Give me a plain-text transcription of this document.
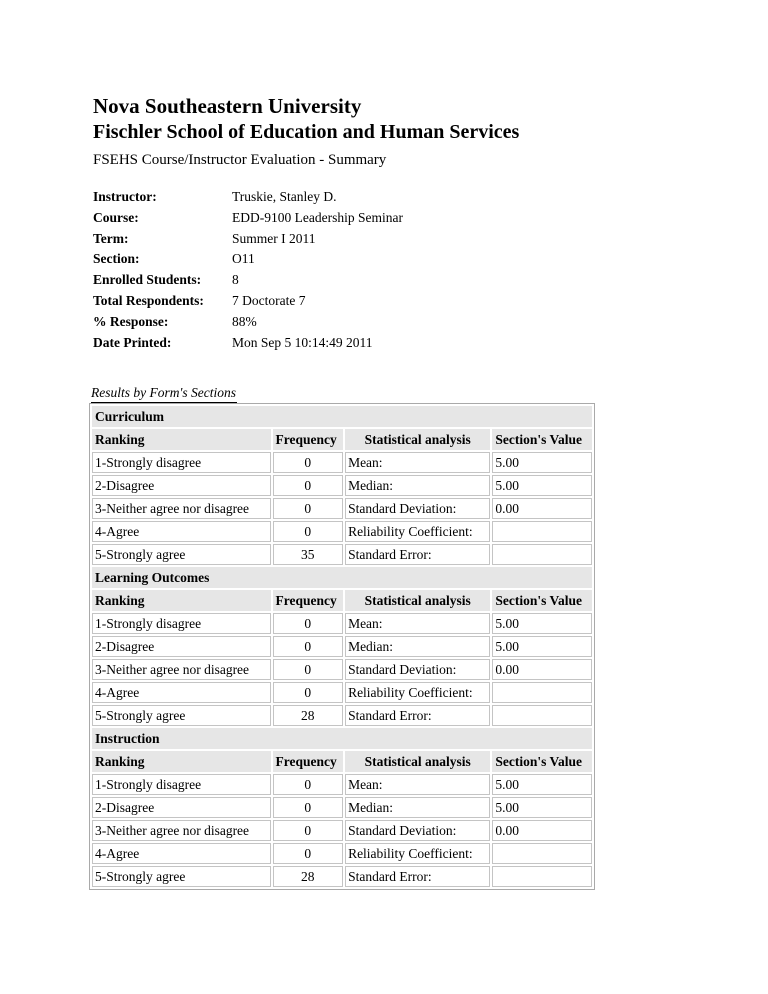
Nova Southeastern University
Fischler School of Education and Human Services
FSEHS Course/Instructor Evaluation - Summary
Instructor:	Truskie, Stanley D.
Course:	EDD-9100 Leadership Seminar
Term:	Summer I 2011
Section:	O11
Enrolled Students:	8
Total Respondents:	7 Doctorate 7
% Response:	88%
Date Printed:	Mon Sep 5 10:14:49 2011
Results by Form's Sections
Curriculum			
Ranking	Frequency	Statistical analysis	Section's Value
1-Strongly disagree	0	Mean:	5.00
2-Disagree	0	Median:	5.00
3-Neither agree nor disagree	0	Standard Deviation:	0.00
4-Agree	0	Reliability Coefficient:	
5-Strongly agree	35	Standard Error:	
Learning Outcomes			
Ranking	Frequency	Statistical analysis	Section's Value
1-Strongly disagree	0	Mean:	5.00
2-Disagree	0	Median:	5.00
3-Neither agree nor disagree	0	Standard Deviation:	0.00
4-Agree	0	Reliability Coefficient:	
5-Strongly agree	28	Standard Error:	
Instruction			
Ranking	Frequency	Statistical analysis	Section's Value
1-Strongly disagree	0	Mean:	5.00
2-Disagree	0	Median:	5.00
3-Neither agree nor disagree	0	Standard Deviation:	0.00
4-Agree	0	Reliability Coefficient:	
5-Strongly agree	28	Standard Error:	
